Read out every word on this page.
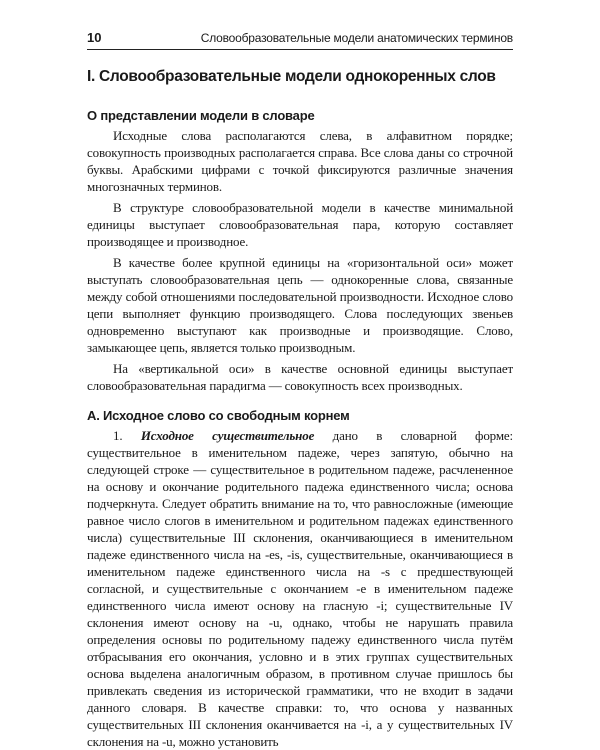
10	Словообразовательные модели анатомических терминов
I. Словообразовательные модели однокоренных слов
О представлении модели в словаре

Исходные слова располагаются слева, в алфавитном порядке; совокупность производных располагается справа. Все слова даны со строчной буквы. Арабскими цифрами с точкой фиксируются различные значения многозначных терминов.

В структуре словообразовательной модели в качестве минимальной единицы выступает словообразовательная пара, которую составляет производящее и производное.

В качестве более крупной единицы на «горизонтальной оси» может выступать словообразовательная цепь — однокоренные слова, связанные между собой отношениями последовательной производности. Исходное слово цепи выполняет функцию производящего. Слова последующих звеньев одновременно выступают как производные и производящие. Слово, замыкающее цепь, является только производным.

На «вертикальной оси» в качестве основной единицы выступает словообразовательная парадигма — совокупность всех производных.

А. Исходное слово со свободным корнем

1. Исходное существительное дано в словарной форме: существительное в именительном падеже, через запятую, обычно на следующей строке — существительное в родительном падеже, расчлененное на основу и окончание родительного падежа единственного числа; основа подчеркнута. Следует обратить внимание на то, что равносложные (имеющие равное число слогов в именительном и родительном падежах единственного числа) существительные III склонения, оканчивающиеся в именительном падеже единственного числа на -es, -is, существительные, оканчивающиеся в именительном падеже единственного числа на -s с предшествующей согласной, и существительные с окончанием -e в именительном падеже единственного числа имеют основу на гласную -i; существительные IV склонения имеют основу на -u, однако, чтобы не нарушать правила определения основы по родительному падежу единственного числа путём отбрасывания его окончания, условно и в этих группах существительных основа выделена аналогичным образом, в противном случае пришлось бы привлекать сведения из исторической грамматики, что не входит в задачи данного словаря. В качестве справки: то, что основа у названных существительных III склонения оканчивается на -i, а у существительных IV склонения на -u, можно установить
